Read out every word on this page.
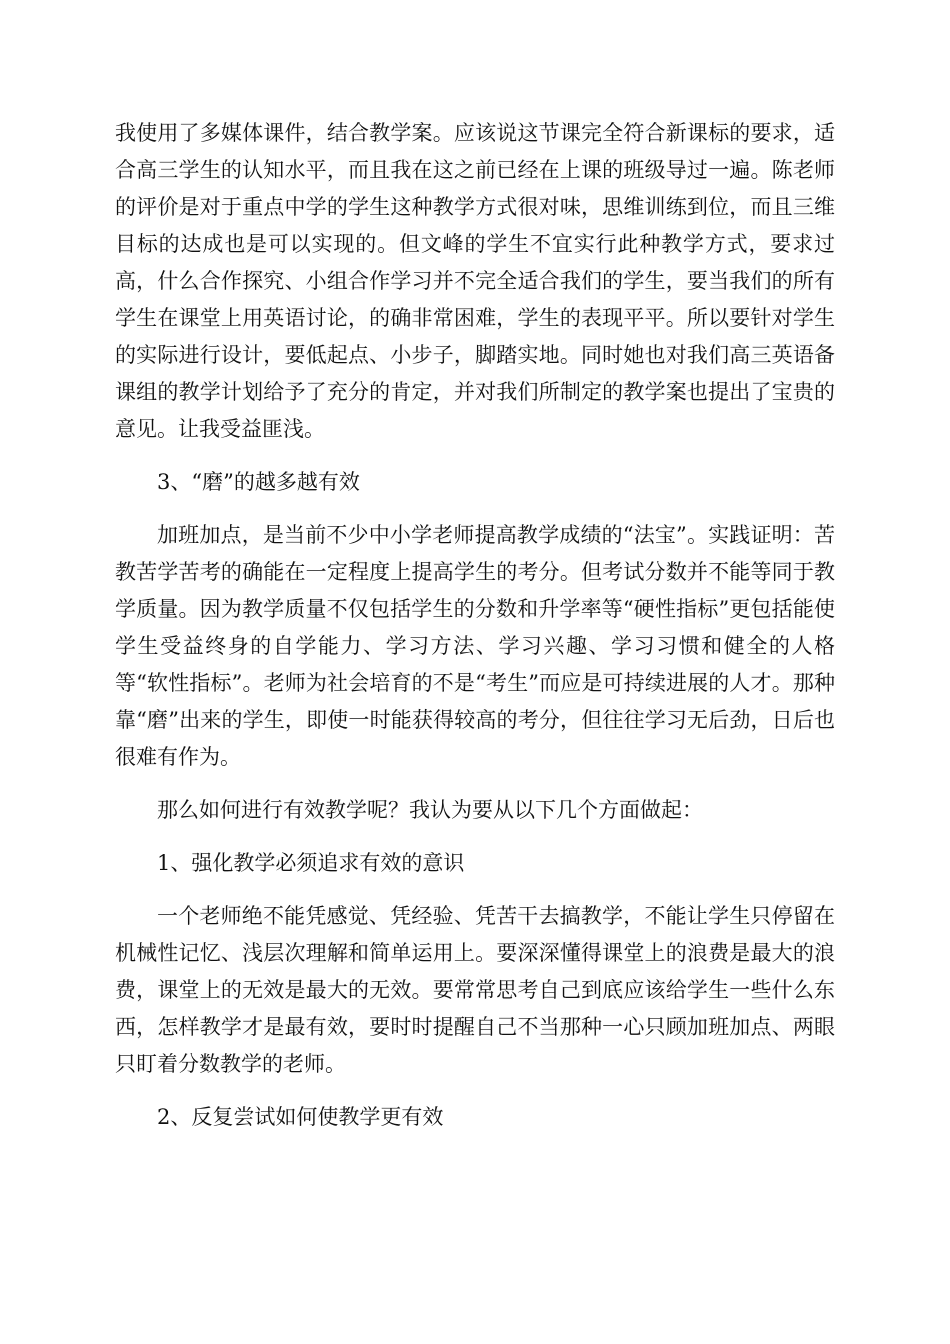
我使用了多媒体课件，结合教学案。应该说这节课完全符合新课标的要求，适合高三学生的认知水平，而且我在这之前已经在上课的班级导过一遍。陈老师的评价是对于重点中学的学生这种教学方式很对味，思维训练到位，而且三维目标的达成也是可以实现的。但文峰的学生不宜实行此种教学方式，要求过高，什么合作探究、小组合作学习并不完全适合我们的学生，要当我们的所有学生在课堂上用英语讨论，的确非常困难，学生的表现平平。所以要针对学生的实际进行设计，要低起点、小步子，脚踏实地。同时她也对我们高三英语备课组的教学计划给予了充分的肯定，并对我们所制定的教学案也提出了宝贵的意见。让我受益匪浅。

3、“磨”的越多越有效

加班加点，是当前不少中小学老师提高教学成绩的“法宝”。实践证明：苦教苦学苦考的确能在一定程度上提高学生的考分。但考试分数并不能等同于教学质量。因为教学质量不仅包括学生的分数和升学率等“硬性指标”更包括能使学生受益终身的自学能力、学习方法、学习兴趣、学习习惯和健全的人格等“软性指标”。老师为社会培育的不是“考生”而应是可持续进展的人才。那种靠“磨”出来的学生，即使一时能获得较高的考分，但往往学习无后劲，日后也很难有作为。

那么如何进行有效教学呢？我认为要从以下几个方面做起：

1、强化教学必须追求有效的意识

一个老师绝不能凭感觉、凭经验、凭苦干去搞教学，不能让学生只停留在机械性记忆、浅层次理解和简单运用上。要深深懂得课堂上的浪费是最大的浪费，课堂上的无效是最大的无效。要常常思考自己到底应该给学生一些什么东西，怎样教学才是最有效，要时时提醒自己不当那种一心只顾加班加点、两眼只盯着分数教学的老师。

2、反复尝试如何使教学更有效
